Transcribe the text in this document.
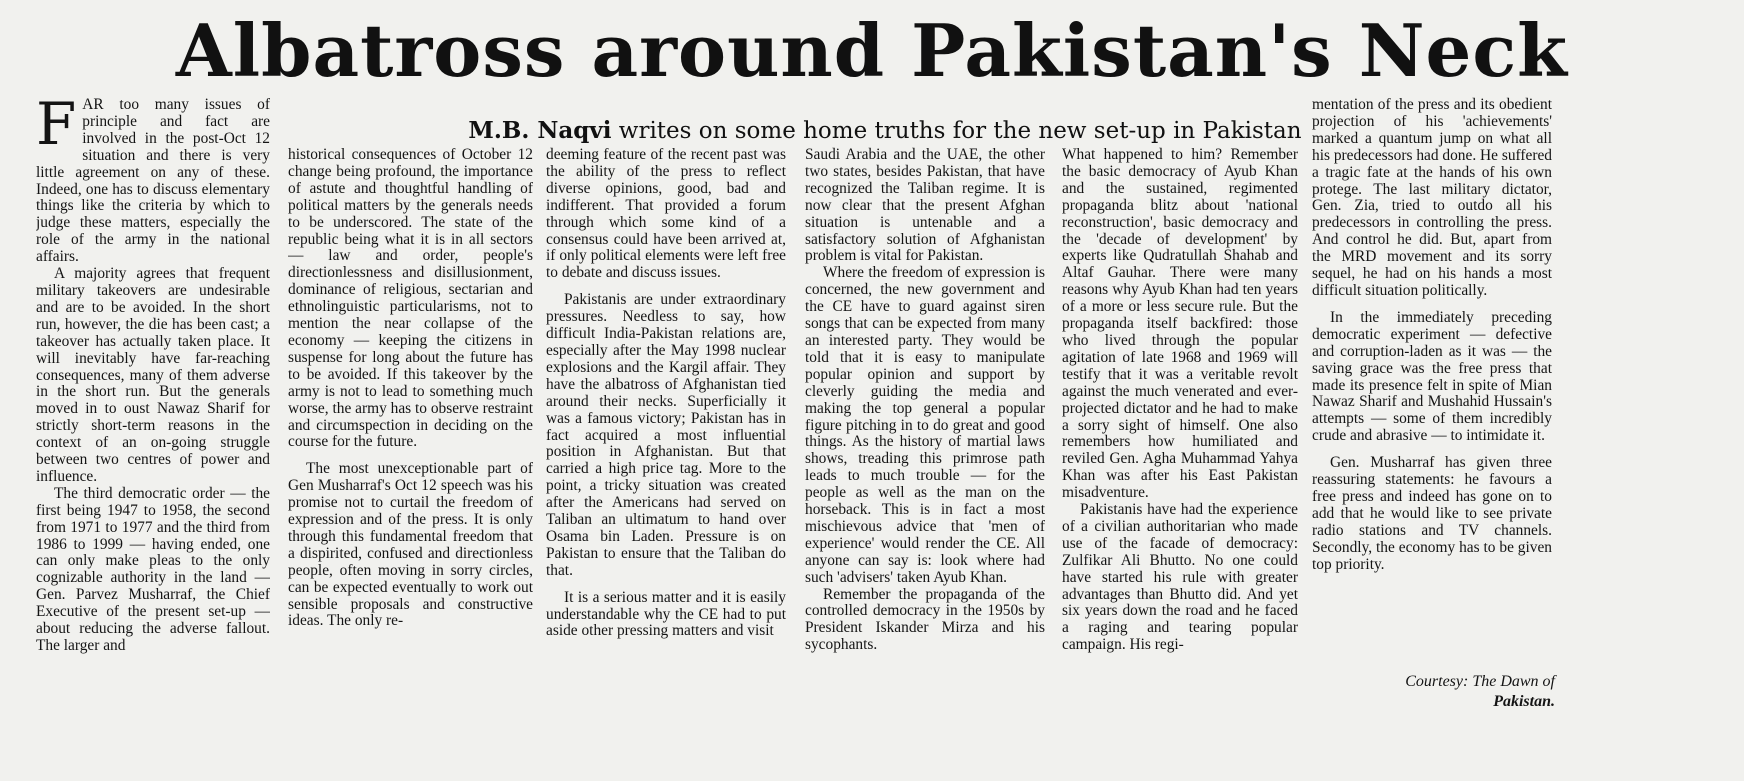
Albatross around Pakistan's Neck
M.B. Naqvi writes on some home truths for the new set-up in Pakistan

FAR too many issues of principle and fact are involved in the post-Oct 12 situation and there is very little agreement on any of these. Indeed, one has to discuss elementary things like the criteria by which to judge these matters, especially the role of the army in the national affairs.

A majority agrees that frequent military takeovers are undesirable and are to be avoided. In the short run, however, the die has been cast; a takeover has actually taken place. It will inevitably have far-reaching consequences, many of them adverse in the short run. But the generals moved in to oust Nawaz Sharif for strictly short-term reasons in the context of an on-going struggle between two centres of power and influence.

The third democratic order — the first being 1947 to 1958, the second from 1971 to 1977 and the third from 1986 to 1999 — having ended, one can only make pleas to the only cognizable authority in the land — Gen. Parvez Musharraf, the Chief Executive of the present set-up — about reducing the adverse fallout. The larger and

historical consequences of October 12 change being profound, the importance of astute and thoughtful handling of political matters by the generals needs to be underscored. The state of the republic being what it is in all sectors — law and order, people's directionlessness and disillusionment, dominance of religious, sectarian and ethnolinguistic particularisms, not to mention the near collapse of the economy — keeping the citizens in suspense for long about the future has to be avoided. If this takeover by the army is not to lead to something much worse, the army has to observe restraint and circumspection in deciding on the course for the future.

The most unexceptionable part of Gen Musharraf's Oct 12 speech was his promise not to curtail the freedom of expression and of the press. It is only through this fundamental freedom that a dispirited, confused and directionless people, often moving in sorry circles, can be expected eventually to work out sensible proposals and constructive ideas. The only re-

deeming feature of the recent past was the ability of the press to reflect diverse opinions, good, bad and indifferent. That provided a forum through which some kind of a consensus could have been arrived at, if only political elements were left free to debate and discuss issues.

Pakistanis are under extraordinary pressures. Needless to say, how difficult India-Pakistan relations are, especially after the May 1998 nuclear explosions and the Kargil affair. They have the albatross of Afghanistan tied around their necks. Superficially it was a famous victory; Pakistan has in fact acquired a most influential position in Afghanistan. But that carried a high price tag. More to the point, a tricky situation was created after the Americans had served on Taliban an ultimatum to hand over Osama bin Laden. Pressure is on Pakistan to ensure that the Taliban do that.

It is a serious matter and it is easily understandable why the CE had to put aside other pressing matters and visit

Saudi Arabia and the UAE, the other two states, besides Pakistan, that have recognized the Taliban regime. It is now clear that the present Afghan situation is untenable and a satisfactory solution of Afghanistan problem is vital for Pakistan.

Where the freedom of expression is concerned, the new government and the CE have to guard against siren songs that can be expected from many an interested party. They would be told that it is easy to manipulate popular opinion and support by cleverly guiding the media and making the top general a popular figure pitching in to do great and good things. As the history of martial laws shows, treading this primrose path leads to much trouble — for the people as well as the man on the horseback. This is in fact a most mischievous advice that 'men of experience' would render the CE. All anyone can say is: look where had such 'advisers' taken Ayub Khan.

Remember the propaganda of the controlled democracy in the 1950s by President Iskander Mirza and his sycophants.

What happened to him? Remember the basic democracy of Ayub Khan and the sustained, regimented propaganda blitz about 'national reconstruction', basic democracy and the 'decade of development' by experts like Qudratullah Shahab and Altaf Gauhar. There were many reasons why Ayub Khan had ten years of a more or less secure rule. But the propaganda itself backfired: those who lived through the popular agitation of late 1968 and 1969 will testify that it was a veritable revolt against the much venerated and ever-projected dictator and he had to make a sorry sight of himself. One also remembers how humiliated and reviled Gen. Agha Muhammad Yahya Khan was after his East Pakistan misadventure.

Pakistanis have had the experience of a civilian authoritarian who made use of the facade of democracy: Zulfikar Ali Bhutto. No one could have started his rule with greater advantages than Bhutto did. And yet six years down the road and he faced a raging and tearing popular campaign. His regi-

mentation of the press and its obedient projection of his 'achievements' marked a quantum jump on what all his predecessors had done. He suffered a tragic fate at the hands of his own protege. The last military dictator, Gen. Zia, tried to outdo all his predecessors in controlling the press. And control he did. But, apart from the MRD movement and its sorry sequel, he had on his hands a most difficult situation politically.

In the immediately preceding democratic experiment — defective and corruption-laden as it was — the saving grace was the free press that made its presence felt in spite of Mian Nawaz Sharif and Mushahid Hussain's attempts — some of them incredibly crude and abrasive — to intimidate it.

Gen. Musharraf has given three reassuring statements: he favours a free press and indeed has gone on to add that he would like to see private radio stations and TV channels. Secondly, the economy has to be given top priority.

Courtesy: The Dawn of
Pakistan.
